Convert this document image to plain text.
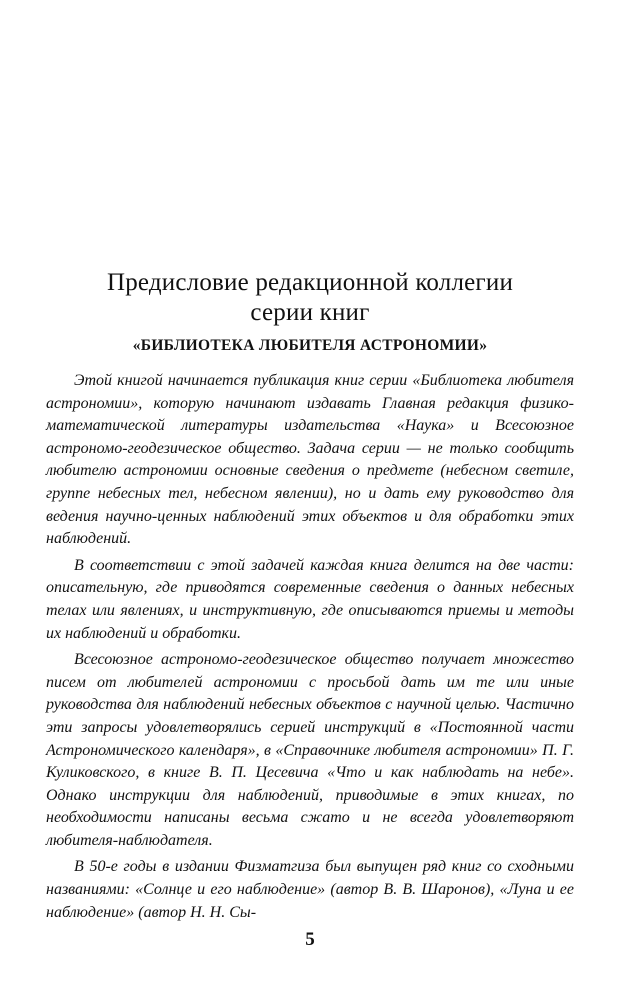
Предисловие редакционной коллегии

серии книг

«БИБЛИОТЕКА ЛЮБИТЕЛЯ АСТРОНОМИИ»

Этой книгой начинается публикация книг серии «Библиотека любителя астрономии», которую начинают издавать Главная редакция физико-математической литературы издательства «Наука» и Всесоюзное астрономо-геодезическое общество. Задача серии — не только сообщить любителю астрономии основные сведения о предмете (небесном светиле, группе небесных тел, небесном явлении), но и дать ему руководство для ведения научно-ценных наблюдений этих объектов и для обработки этих наблюдений.

В соответствии с этой задачей каждая книга делится на две части: описательную, где приводятся современные сведения о данных небесных телах или явлениях, и инструктивную, где описываются приемы и методы их наблюдений и обработки.

Всесоюзное астрономо-геодезическое общество получает множество писем от любителей астрономии с просьбой дать им те или иные руководства для наблюдений небесных объектов с научной целью. Частично эти запросы удовлетворялись серией инструкций в «Постоянной части Астрономического календаря», в «Справочнике любителя астрономии» П. Г. Куликовского, в книге В. П. Цесевича «Что и как наблюдать на небе». Однако инструкции для наблюдений, приводимые в этих книгах, по необходимости написаны весьма сжато и не всегда удовлетворяют любителя-наблюдателя.

В 50-е годы в издании Физматгиза был выпущен ряд книг со сходными названиями: «Солнце и его наблюдение» (автор В. В. Шаронов), «Луна и ее наблюдение» (автор Н. Н. Сы-

5
